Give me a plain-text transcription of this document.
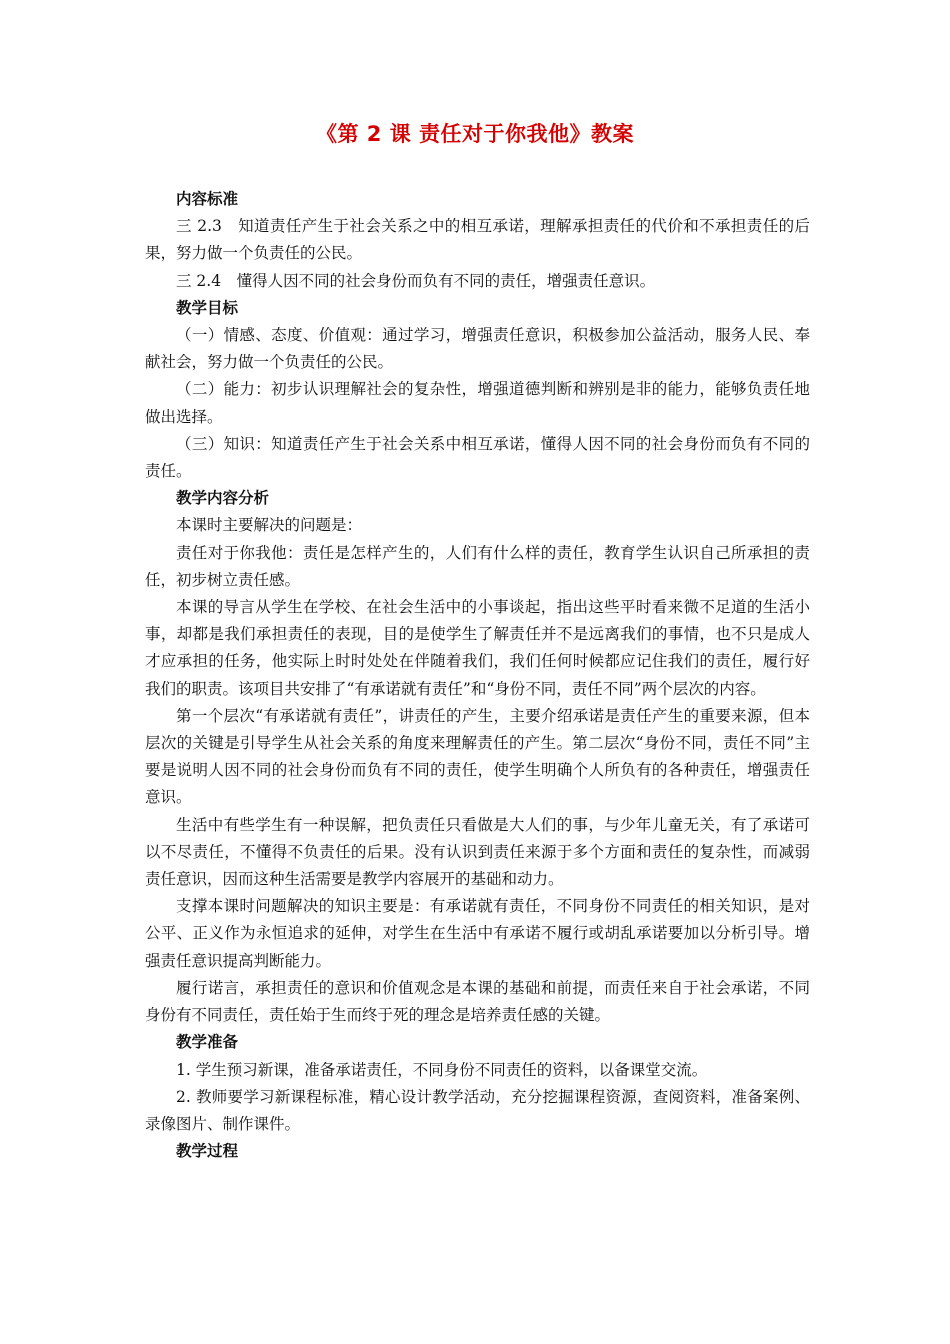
《第 2 课 责任对于你我他》教案
内容标准

三 2.3　知道责任产生于社会关系之中的相互承诺，理解承担责任的代价和不承担责任的后果，努力做一个负责任的公民。

三 2.4　懂得人因不同的社会身份而负有不同的责任，增强责任意识。

教学目标

（一）情感、态度、价值观：通过学习，增强责任意识，积极参加公益活动，服务人民、奉献社会，努力做一个负责任的公民。

（二）能力：初步认识理解社会的复杂性，增强道德判断和辨别是非的能力，能够负责任地做出选择。

（三）知识：知道责任产生于社会关系中相互承诺，懂得人因不同的社会身份而负有不同的责任。

教学内容分析

本课时主要解决的问题是：

责任对于你我他：责任是怎样产生的，人们有什么样的责任，教育学生认识自己所承担的责任，初步树立责任感。

本课的导言从学生在学校、在社会生活中的小事谈起，指出这些平时看来微不足道的生活小事，却都是我们承担责任的表现，目的是使学生了解责任并不是远离我们的事情，也不只是成人才应承担的任务，他实际上时时处处在伴随着我们，我们任何时候都应记住我们的责任，履行好我们的职责。该项目共安排了“有承诺就有责任”和“身份不同，责任不同”两个层次的内容。

第一个层次“有承诺就有责任”，讲责任的产生，主要介绍承诺是责任产生的重要来源，但本层次的关键是引导学生从社会关系的角度来理解责任的产生。第二层次“身份不同，责任不同”主要是说明人因不同的社会身份而负有不同的责任，使学生明确个人所负有的各种责任，增强责任意识。

生活中有些学生有一种误解，把负责任只看做是大人们的事，与少年儿童无关，有了承诺可以不尽责任，不懂得不负责任的后果。没有认识到责任来源于多个方面和责任的复杂性，而减弱责任意识，因而这种生活需要是教学内容展开的基础和动力。

支撑本课时问题解决的知识主要是：有承诺就有责任，不同身份不同责任的相关知识，是对公平、正义作为永恒追求的延伸，对学生在生活中有承诺不履行或胡乱承诺要加以分析引导。增强责任意识提高判断能力。

履行诺言，承担责任的意识和价值观念是本课的基础和前提，而责任来自于社会承诺，不同身份有不同责任，责任始于生而终于死的理念是培养责任感的关键。

教学准备

1. 学生预习新课，准备承诺责任，不同身份不同责任的资料，以备课堂交流。

2. 教师要学习新课程标准，精心设计教学活动，充分挖掘课程资源，查阅资料，准备案例、录像图片、制作课件。

教学过程
